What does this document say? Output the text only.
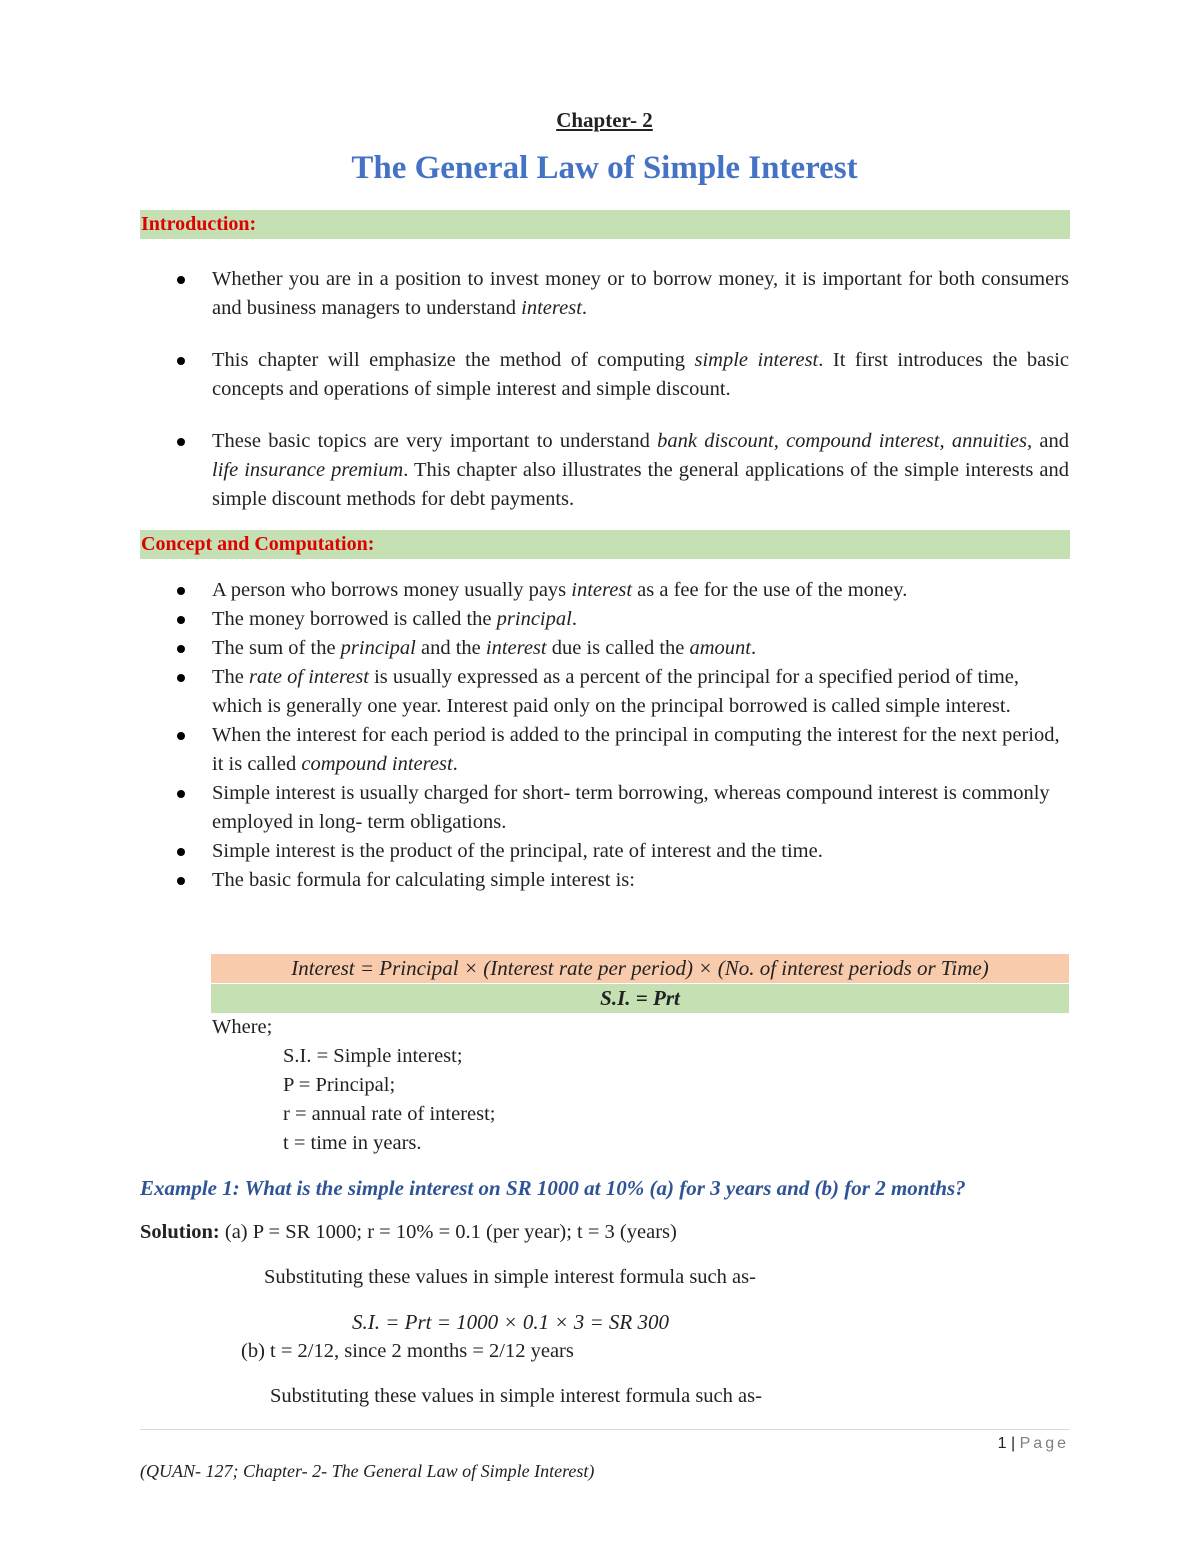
Chapter- 2
The General Law of Simple Interest
Introduction:
Whether you are in a position to invest money or to borrow money, it is important for both consumers and business managers to understand interest.
This chapter will emphasize the method of computing simple interest. It first introduces the basic concepts and operations of simple interest and simple discount.
These basic topics are very important to understand bank discount, compound interest, annuities, and life insurance premium. This chapter also illustrates the general applications of the simple interests and simple discount methods for debt payments.
Concept and Computation:
A person who borrows money usually pays interest as a fee for the use of the money.
The money borrowed is called the principal.
The sum of the principal and the interest due is called the amount.
The rate of interest is usually expressed as a percent of the principal for a specified period of time, which is generally one year. Interest paid only on the principal borrowed is called simple interest.
When the interest for each period is added to the principal in computing the interest for the next period, it is called compound interest.
Simple interest is usually charged for short- term borrowing, whereas compound interest is commonly employed in long- term obligations.
Simple interest is the product of the principal, rate of interest and the time.
The basic formula for calculating simple interest is:
Interest = Principal × (Interest rate per period) × (No. of interest periods or Time)
S.I. = Prt
Where;
S.I. = Simple interest;
P = Principal;
r = annual rate of interest;
t = time in years.
Example 1: What is the simple interest on SR 1000 at 10% (a) for 3 years and (b) for 2 months?
Solution: (a) P = SR 1000; r = 10% = 0.1 (per year); t = 3 (years)
Substituting these values in simple interest formula such as-
S.I. = Prt = 1000 × 0.1 × 3 = SR 300
(b) t = 2/12, since 2 months = 2/12 years
Substituting these values in simple interest formula such as-
1 | Page
(QUAN- 127; Chapter- 2- The General Law of Simple Interest)
